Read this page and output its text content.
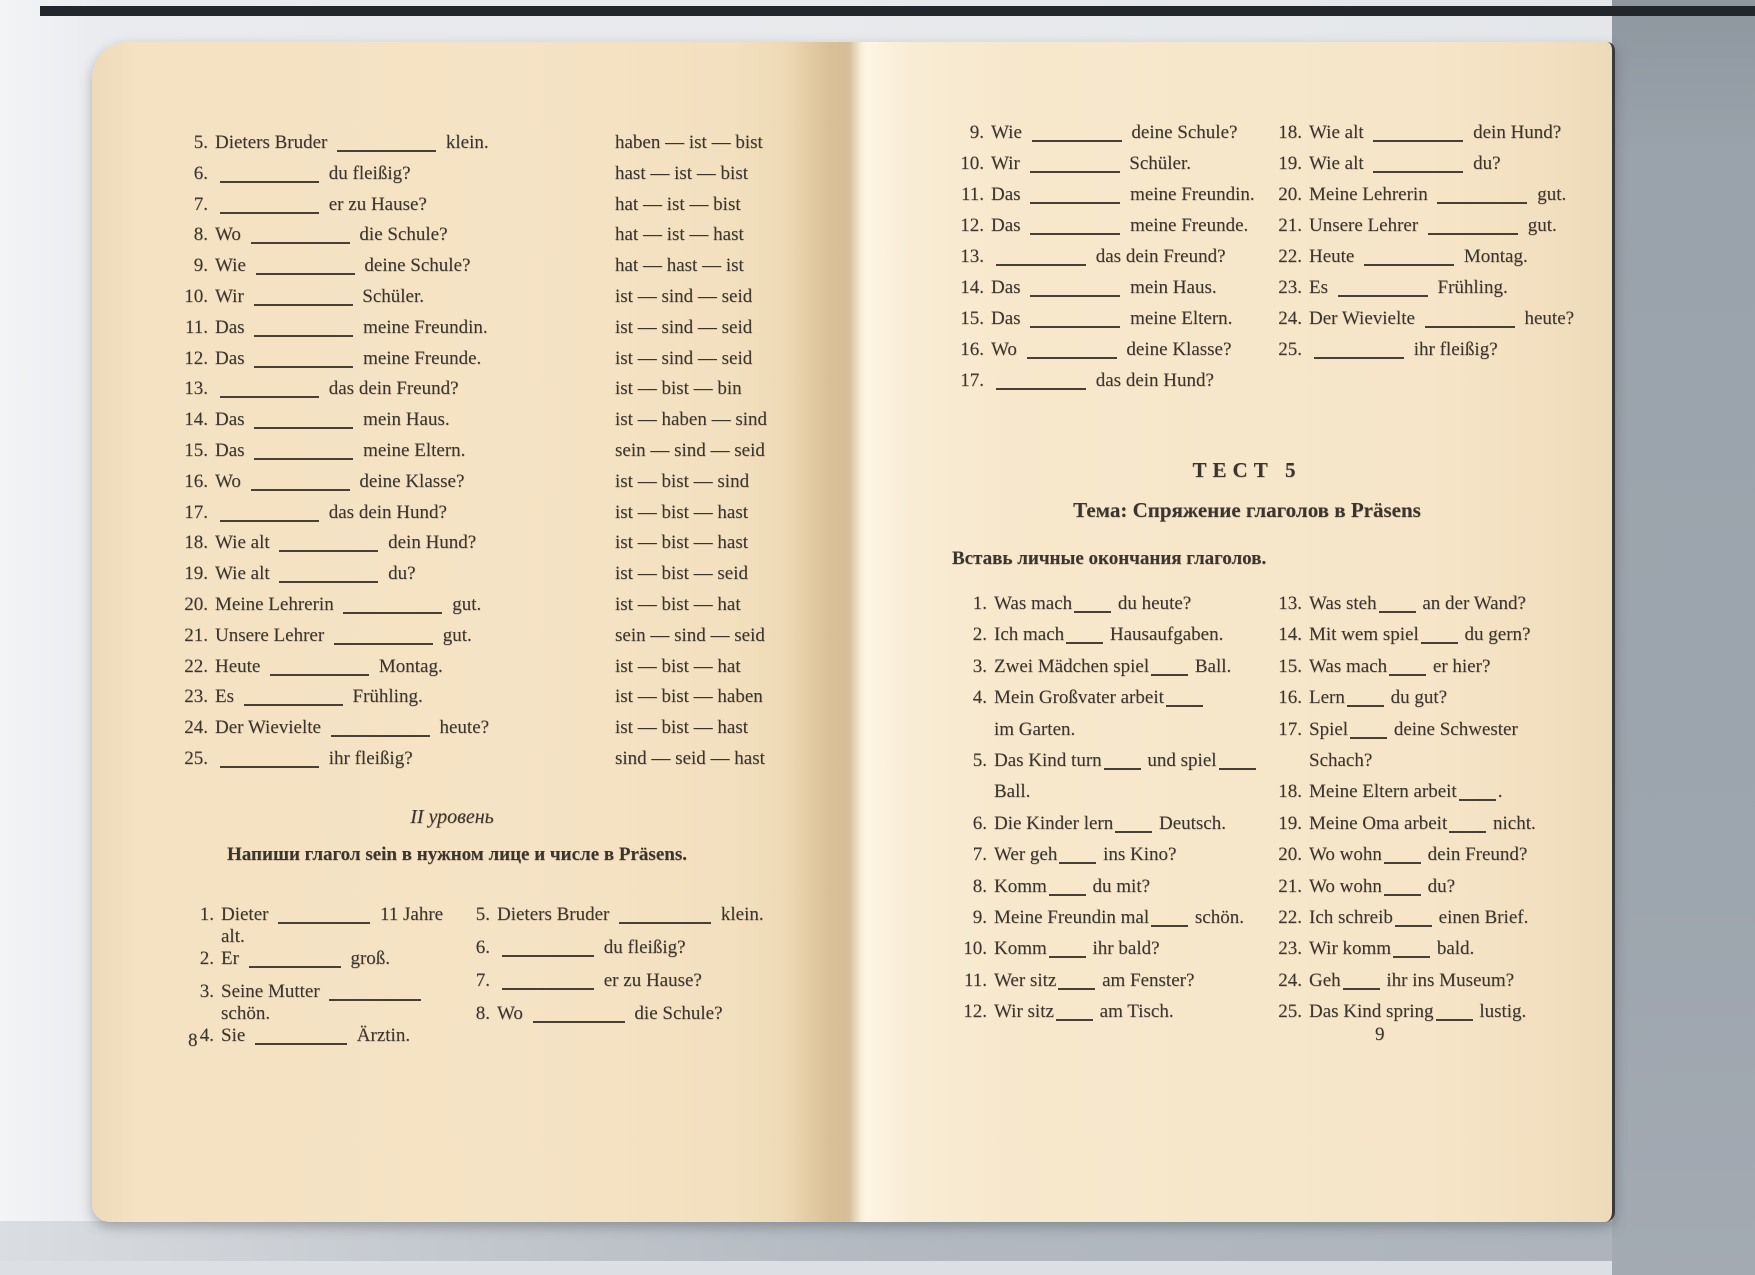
5. Dieters Bruder	klein.	haben — ist — bist
6.	du fleißig?	hast — ist — bist
7.	er zu Hause?	hat — ist — bist
8. Wo	die Schule?	hat — ist — hast
9. Wie	deine Schule?	hat — hast — ist
10. Wir	Schüler.	ist — sind — seid
11. Das	meine Freundin.	ist — sind — seid
12. Das	meine Freunde.	ist — sind — seid
13.	das dein Freund?	ist — bist — bin
14. Das	mein Haus.	ist — haben — sind
15. Das	meine Eltern.	sein — sind — seid
16. Wo	deine Klasse?	ist — bist — sind
17.	das dein Hund?	ist — bist — hast
18. Wie alt	dein Hund?	ist — bist — hast
19. Wie alt	du?	ist — bist — seid
20. Meine Lehrerin	gut.	ist — bist — hat
21. Unsere Lehrer	gut.	sein — sind — seid
22. Heute	Montag.	ist — bist — hat
23. Es	Frühling.	ist — bist — haben
24. Der Wievielte	heute?	ist — bist — hast
25.	ihr fleißig?	sind — seid — hast
II уровень
Напиши глагол sein в нужном лице и числе в Präsens.
1. Dieter	11 Jahre alt.
2. Er	groß.
3. Seine Mutter  schön.
4. Sie	Ärztin.
5. Dieters Bruder	klein.
6.	du fleißig?
7.	er zu Hause?
8. Wo	die Schule?
8
9. Wie	deine Schule?
10. Wir	Schüler.
11. Das	meine Freundin.
12. Das	meine Freunde.
13.	das dein Freund?
14. Das	mein Haus.
15. Das	meine Eltern.
16. Wo	deine Klasse?
17.	das dein Hund?
18. Wie alt	dein Hund?
19. Wie alt	du?
20. Meine Lehrerin	gut.
21. Unsere Lehrer	gut.
22. Heute	Montag.
23. Es	Frühling.
24. Der Wievielte	heute?
25.	ihr fleißig?
ТЕСТ 5
Тема: Спряжение глаголов в Präsens
Вставь личные окончания глаголов.
1. Was mach du heute?
2. Ich mach Hausaufgaben.
3. Zwei Mädchen spiel Ball.
4. Mein Großvater arbeit
im Garten.
5. Das Kind turn und spiel
Ball.
6. Die Kinder lern Deutsch.
7. Wer geh ins Kino?
8. Komm du mit?
9. Meine Freundin mal schön.
10. Komm ihr bald?
11. Wer sitz am Fenster?
12. Wir sitz am Tisch.
13. Was steh an der Wand?
14. Mit wem spiel du gern?
15. Was mach er hier?
16. Lern du gut?
17. Spiel deine Schwester
Schach?
18. Meine Eltern arbeit .
19. Meine Oma arbeit nicht.
20. Wo wohn dein Freund?
21. Wo wohn du?
22. Ich schreib einen Brief.
23. Wir komm bald.
24. Geh ihr ins Museum?
25. Das Kind spring lustig.
9
